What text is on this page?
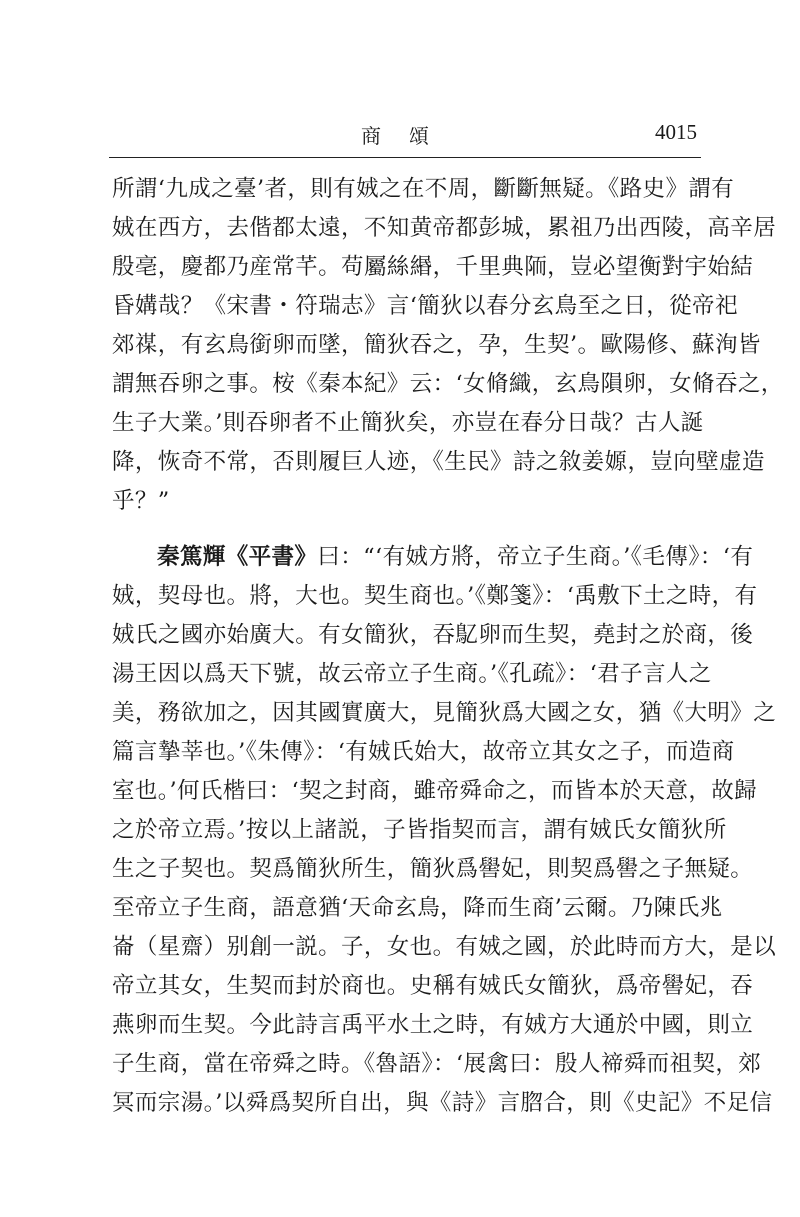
商頌	4015
所謂‘九成之臺’者，則有娀之在不周，斷斷無疑。《路史》謂有
娀在西方，去偕都太遠，不知黄帝都彭城，累祖乃出西陵，高辛居
殷亳，慶都乃産常芊。苟屬絲緡，千里典陑，豈必望衡對宇始結
昏媾哉？《宋書・符瑞志》言‘簡狄以春分玄鳥至之日，從帝祀
郊禖，有玄鳥銜卵而墜，簡狄吞之，孕，生契’。歐陽修、蘇洵皆
謂無吞卵之事。桉《秦本紀》云：‘女脩織，玄鳥隕卵，女脩吞之，
生子大業。’則吞卵者不止簡狄矣，亦豈在春分日哉？古人誕
降，恢奇不常，否則履巨人迹，《生民》詩之敘姜嫄，豈向壁虚造
乎？”
秦篤輝《平書》曰：“‘有娀方將，帝立子生商。’《毛傳》：‘有
娀，契母也。將，大也。契生商也。’《鄭箋》：‘禹敷下土之時，有
娀氏之國亦始廣大。有女簡狄，吞鳦卵而生契，堯封之於商，後
湯王因以爲天下號，故云帝立子生商。’《孔疏》：‘君子言人之
美，務欲加之，因其國實廣大，見簡狄爲大國之女，猶《大明》之
篇言摯莘也。’《朱傳》：‘有娀氏始大，故帝立其女之子，而造商
室也。’何氏楷曰：‘契之封商，雖帝舜命之，而皆本於天意，故歸
之於帝立焉。’按以上諸説，子皆指契而言，謂有娀氏女簡狄所
生之子契也。契爲簡狄所生，簡狄爲嚳妃，則契爲嚳之子無疑。
至帝立子生商，語意猶‘天命玄鳥，降而生商’云爾。乃陳氏兆
崙（星齋）别創一説。子，女也。有娀之國，於此時而方大，是以
帝立其女，生契而封於商也。史稱有娀氏女簡狄，爲帝嚳妃，吞
燕卵而生契。今此詩言禹平水土之時，有娀方大通於中國，則立
子生商，當在帝舜之時。《魯語》：‘展禽曰：殷人禘舜而祖契，郊
冥而宗湯。’以舜爲契所自出，與《詩》言脗合，則《史記》不足信
